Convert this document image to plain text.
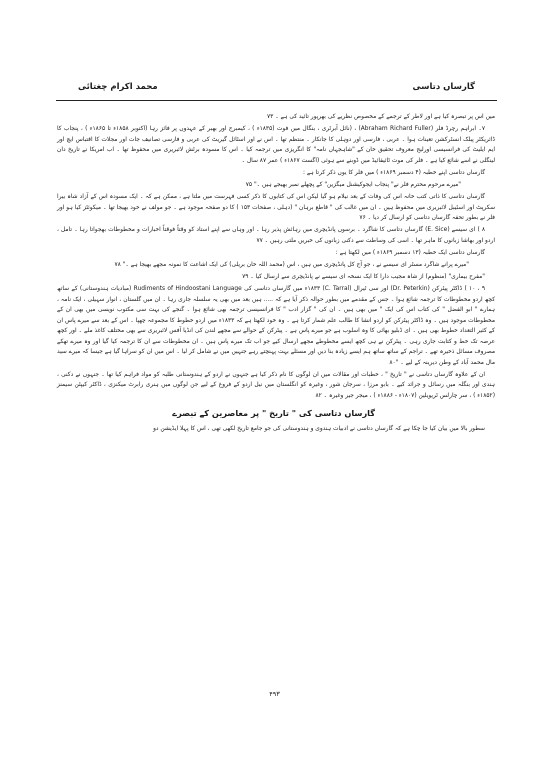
محمد اکرام چغتائی	گارساں دتاسی

میں اس پر تبصرہ کیا ہے اور لاطر کے ترجمے کے مخصوص نظریے کی بھرپور تائید کی ہے ۔ ۷۳

۷۔ ابراہم رچرڈ فلر (Abraham Richard Fuller) ، (نائل آبرٹری ، بنگال میں فوت (۱۸۳۵ء ) ، کیمبرج اور بھبر کے عہدوں پر فائز رہا (اکتوبر ۱۸۵۸ء تا ۱۸۶۵ء ) ، پنجاب کا ڈائریکٹر پبلک انسٹرکشن تعینات ہوا ۔ عربی ، فارسی اور دوہلی کا جانکار ۔ منتظم تھا ۔ اس نے اور اسٹائل گیریٹ کی عربی و فارسی تصانیف جات اور مجلات کا اقتباس ایچ اور ایم ایلیٹ کی فرانسیسی اورلیج معروف تحقیق خان کے "شاہجہاں نامہ" کا انگریزی میں ترجمہ کیا ۔ اس کا مسودہ برٹش لائبریری میں محفوظ تھا ۔ اب امریکا نے تاریخ دان لینگلی نے اسے شائع کیا ہے ۔ فلر کی موت ٹائیفائیڈ میں ڈوبنے سے ہوئی (اگست ۱۸۶۷ء ) عمر ۸۷ سال ۔

گارساں دتاسی اپنے خطبہ (۴ دسمبر ۱۸۶۹ء ) میں فلر کا یوں ذکر کرتا ہے :

"میرے مرحوم محترم فلر نے" پنجاب ایجوکیشنل میگزین" کے پچھلے نمبر بھیجے ہیں ۔" ۷۵

گارساں دتاسی کا ذاتی کتب خانہ اس کی وفات کے بعد نیلام ہو گیا لیکن اس کی کتابوں کا ذکر کسی فہرست میں ملتا ہے ، ممکن ہے کہ ۔ ایک مسودہ اس کے آزاد شاہ بیرا سکرپٹ اور اسٹیبل لائبریری میں محفوظ ہیں ۔ ان میں غالب کی " قاطع برہان " (دہلی ، صفحات ۱۵۳ ) کا دو صفحہ موجود ہے ۔ جو مولف نے خود بھیجا تھا ۔ میکوئٹز کیا ہو اور فلر نے بطور تحفہ گارساں دتاسی کو ارسال کر دیا ۔ ۷۶

۸ ) ای سیسے (E. Sice) گارساں دتاسی کا شاگرد ۔ برسوں پانڈیچری میں رہائش پذیر رہا ۔ اور وہاں سے اپنے استاد کو وقتاً فوقتاً اخبارات و مخطوطات بھجواتا رہا ۔ تامل ، اردو اور بھاشا زبانوں کا ماہر تھا ۔ اسی کی وساطت سے دکنی زبانوں کی خبریں ملتی رہیں ۔ ۷۷

گارساں دتاسی ایک خطبہ (۱۳ دسمبر ۱۸۶۹ء ) میں لکھتا ہے :

"میرے پرانے شاگرد مسٹر ای سیسے نے ، جو آج کل پانڈیچری میں ہیں ، اس (محمد اللہ خان بریلی) کی ایک اشاعت کا نمونہ مجھے بھیجا ہے ۔" ۷۸

"مفرح بیماری" (منظوم) از شاہ مجیب دارا کا ایک نسخہ ای سیسے نے پانڈیچری سے ارسال کیا ۔ ۷۹

۹ ، ۱۰ ) ڈاکٹر پیٹرکن (Dr. Peterkin) اور سی ٹیرال (C. Tarral) ۱۸۳۳ء میں گارساں دتاسی کی Rudiments of Hindoostani Language (مبادیات ہندوستانی) کے ساتھ کچھ اردو مخطوطات کا ترجمہ شائع ہوا ۔ جس کے مقدمے میں بطور حوالہ ذکر آیا ہے کہ ..... ہیں بعد میں بھی یہ سلسلہ جاری رہا ۔ ان میں گلستان ، انوار سہیلی ، ایک نامہ ، ہمارے " ابو الفضل " کی کتاب اس کی ایک " میں بھی ہیں ۔ ان کی " گزار ادب " کا فرانسیسی ترجمہ بھی شائع ہوا ۔ گنجے کی بہت سی مکتوب نویسی میں بھی ان کے مخطوطات موجود ہیں ۔ وہ ڈاکٹر پیٹرکن کو اردو انشا کا طالب علم شمار کرتا ہے ۔ وہ خود لکھتا ہے کہ ۱۸۳۳ء میں اردو خطوط کا مجموعہ چھپا ۔ اس کے بعد سے میرے پاس ان کے کثیر التعداد خطوط بھی ہیں ۔ ای ڈبلیو بھائی کا وہ اسلوب ہے جو میرے پاس ہے ۔ پیٹرکن کے حوالے سے مجھے لندن کی انڈیا آفس لائبریری سے بھی مختلف کاغذ ملے ۔ اور کچھ عرصہ تک خط و کتابت جاری رہی ۔ پیٹرکن نے ہی کچھ ایسے مخطوطے مجھے ارسال کیے جو اب تک میرے پاس ہیں ۔ ان مخطوطات سے ان کا ترجمہ کیا گیا اور وہ میرے تھکے مصروف مسائل ذخیرہ تھے ۔ تراجم کے ساتھ ساتھ ہم ایسے زیادہ بنا دیں اور مسئلے بہت پہنچتے رہے جنہیں میں نے شامل کر لیا ۔ اس میں ان کو سراہا گیا ہے جیسا کہ میرے سید مال محمد آباد کے وطن دیرینہ کے لیے ۔ "۸۰

ان کے علاوہ گارساں دتاسی نے " تاریخ " ، خطبات اور مقالات میں ان لوگوں کا نام ذکر کیا ہے جنہوں نے اردو کے ہندوستانی طلبہ کو مواد فراہم کیا تھا ۔ جنہوں نے دکنی ، ہندی اور بنگلہ میں رسائل و جرائد کیے ۔ بابو مرزا ، سرجان شور ، وغیرہ کو انگلستان میں نیل اردو کے فروغ کے لیے جن لوگوں میں ہنری رابرٹ میکنزی ، ڈاکٹر کیپٹن سیمنز (۱۸۵۲ء ) ، سر چارلس ٹریویلین (۱۸۰۷ء - ۱۸۸۶ء ) ، میجر جیر وغیرہ ۔ ۸۲

گارساں دتاسی کی " تاریخ " پر معاصرین کے تبصرے

سطور بالا میں بیان کیا جا چکا ہے کہ گارساں دتاسی نے ادبیات ہندوی و ہندوستانی کی جو جامع تاریخ لکھی تھی ، اس کا پہلا ایڈیشن دو

۴۹۳
